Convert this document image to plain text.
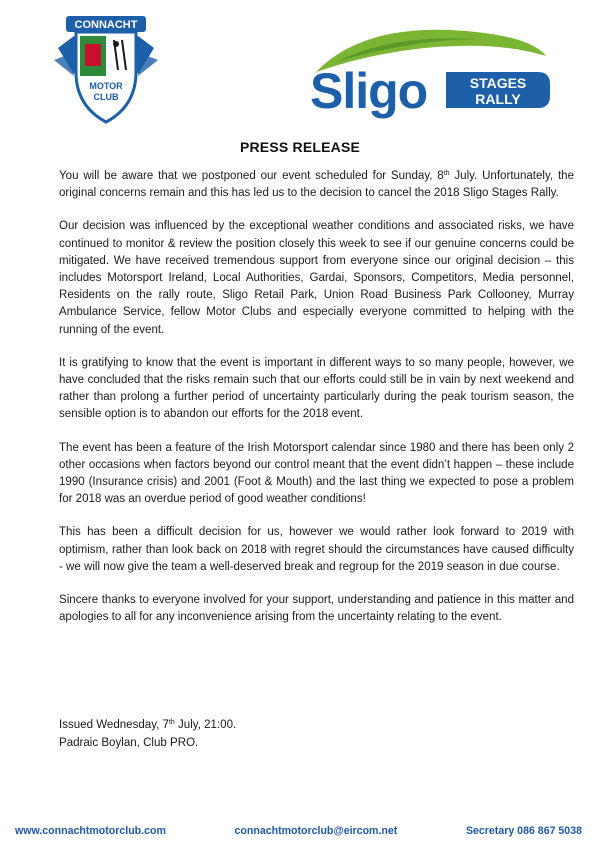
CONNACHT
MOTOR
CLUB	Sligo	STAGES
RALLY
PRESS RELEASE

You will be aware that we postponed our event scheduled for Sunday, 8th July. Unfortunately, the original concerns remain and this has led us to the decision to cancel the 2018 Sligo Stages Rally.

Our decision was influenced by the exceptional weather conditions and associated risks, we have continued to monitor & review the position closely this week to see if our genuine concerns could be mitigated. We have received tremendous support from everyone since our original decision – this includes Motorsport Ireland, Local Authorities, Gardai, Sponsors, Competitors, Media personnel, Residents on the rally route, Sligo Retail Park, Union Road Business Park Collooney, Murray Ambulance Service, fellow Motor Clubs and especially everyone committed to helping with the running of the event.

It is gratifying to know that the event is important in different ways to so many people, however, we have concluded that the risks remain such that our efforts could still be in vain by next weekend and rather than prolong a further period of uncertainty particularly during the peak tourism season, the sensible option is to abandon our efforts for the 2018 event.

The event has been a feature of the Irish Motorsport calendar since 1980 and there has been only 2 other occasions when factors beyond our control meant that the event didn’t happen – these include 1990 (Insurance crisis) and 2001 (Foot & Mouth) and the last thing we expected to pose a problem for 2018 was an overdue period of good weather conditions!

This has been a difficult decision for us, however we would rather look forward to 2019 with optimism, rather than look back on 2018 with regret should the circumstances have caused difficulty - we will now give the team a well-deserved break and regroup for the 2019 season in due course.

Sincere thanks to everyone involved for your support, understanding and patience in this matter and apologies to all for any inconvenience arising from the uncertainty relating to the event.

Issued Wednesday, 7th July, 21:00.
Padraic Boylan, Club PRO.
www.connachtmotorclub.com	connachtmotorclub@eircom.net	Secretary 086 867 5038
